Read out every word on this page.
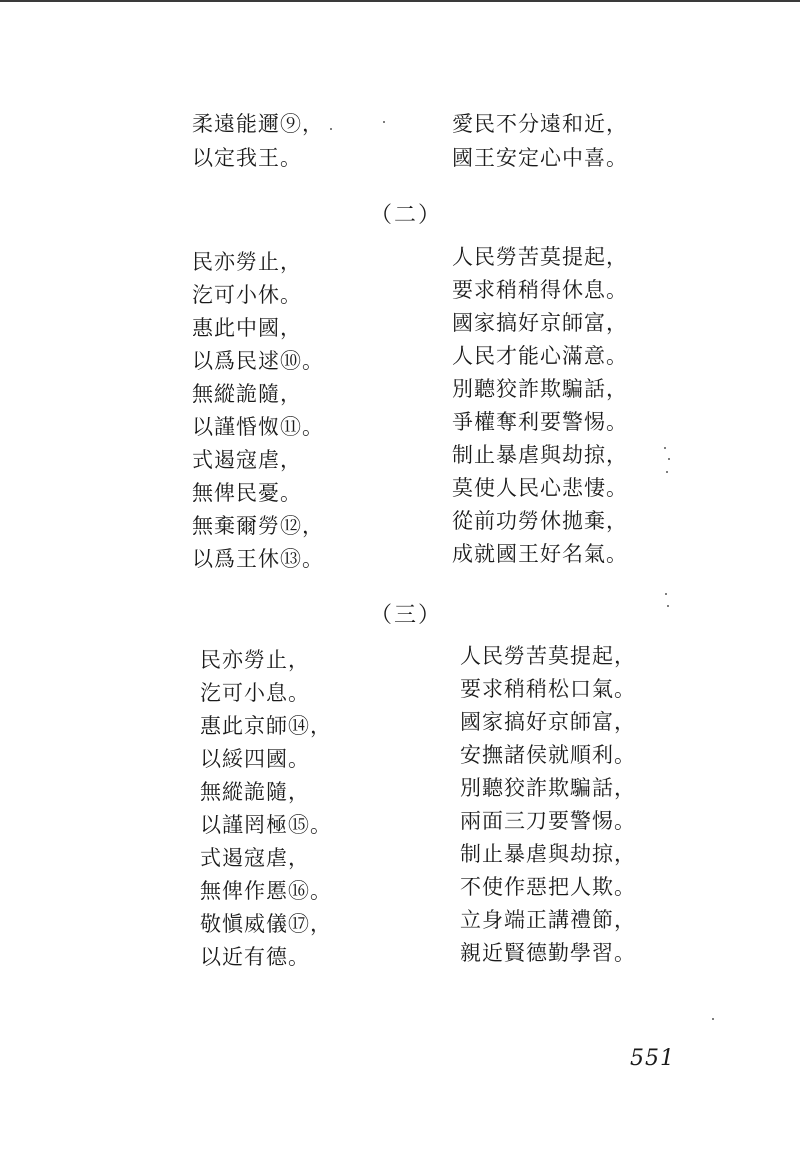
柔遠能邇⑨，
以定我王。
愛民不分遠和近，
國王安定心中喜。
（二）
民亦勞止，
汔可小休。
惠此中國，
以爲民逑⑩。
無縱詭隨，
以謹惛怓⑪。
式遏寇虐，
無俾民憂。
無棄爾勞⑫，
以爲王休⑬。
人民勞苦莫提起，
要求稍稍得休息。
國家搞好京師富，
人民才能心滿意。
別聽狡詐欺騙話，
爭權奪利要警惕。
制止暴虐與劫掠，
莫使人民心悲悽。
從前功勞休拋棄，
成就國王好名氣。
（三）
民亦勞止，
汔可小息。
惠此京師⑭，
以綏四國。
無縱詭隨，
以謹罔極⑮。
式遏寇虐，
無俾作慝⑯。
敬愼威儀⑰，
以近有德。
人民勞苦莫提起，
要求稍稍松口氣。
國家搞好京師富，
安撫諸侯就順利。
別聽狡詐欺騙話，
兩面三刀要警惕。
制止暴虐與劫掠，
不使作惡把人欺。
立身端正講禮節，
親近賢德勤學習。
551
